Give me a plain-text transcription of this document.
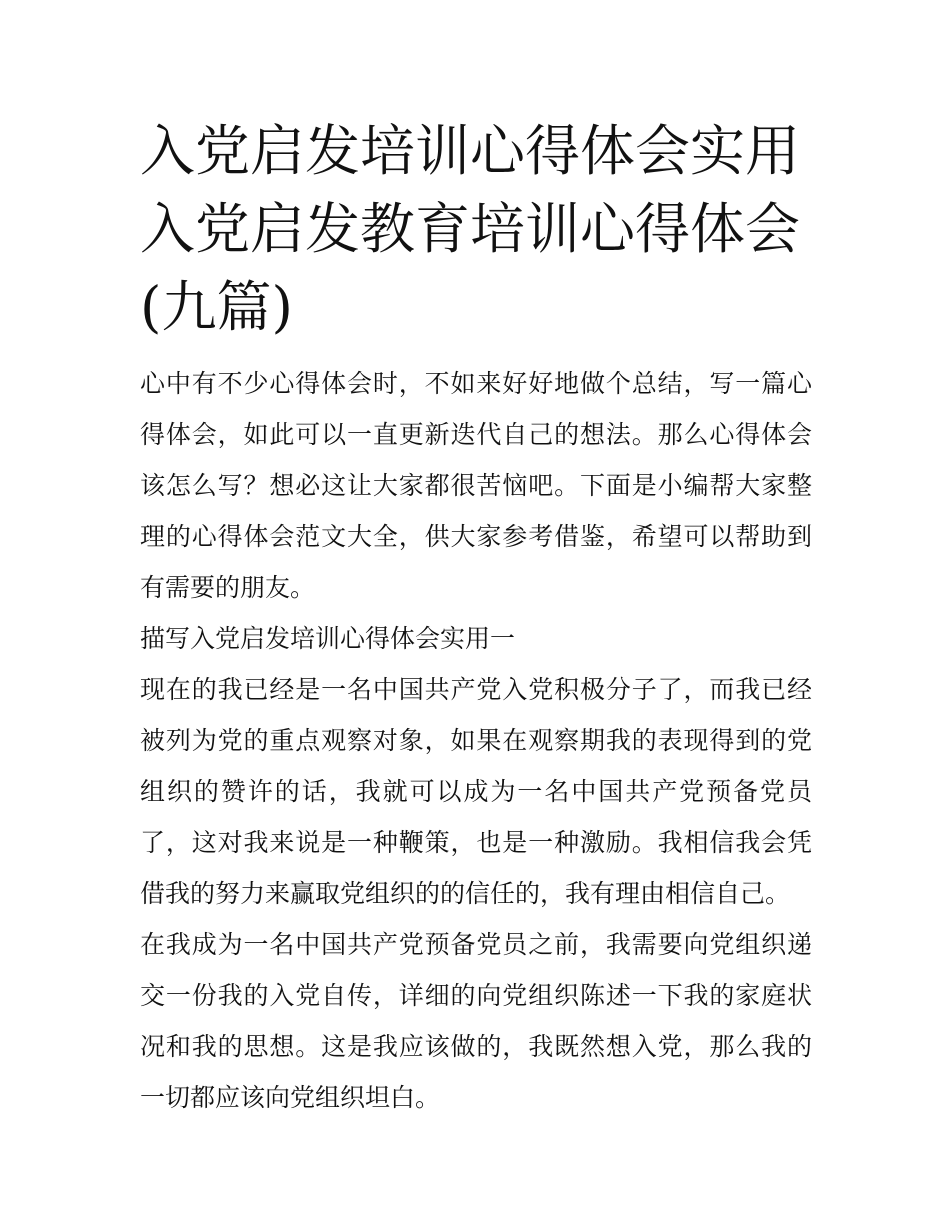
入党启发培训心得体会实用 入党启发教育培训心得体会(九篇)

心中有不少心得体会时，不如来好好地做个总结，写一篇心得体会，如此可以一直更新迭代自己的想法。那么心得体会该怎么写？想必这让大家都很苦恼吧。下面是小编帮大家整理的心得体会范文大全，供大家参考借鉴，希望可以帮助到有需要的朋友。

描写入党启发培训心得体会实用一

现在的我已经是一名中国共产党入党积极分子了，而我已经被列为党的重点观察对象，如果在观察期我的表现得到的党组织的赞许的话，我就可以成为一名中国共产党预备党员了，这对我来说是一种鞭策，也是一种激励。我相信我会凭借我的努力来赢取党组织的的信任的，我有理由相信自己。

在我成为一名中国共产党预备党员之前，我需要向党组织递交一份我的入党自传，详细的向党组织陈述一下我的家庭状况和我的思想。这是我应该做的，我既然想入党，那么我的一切都应该向党组织坦白。
